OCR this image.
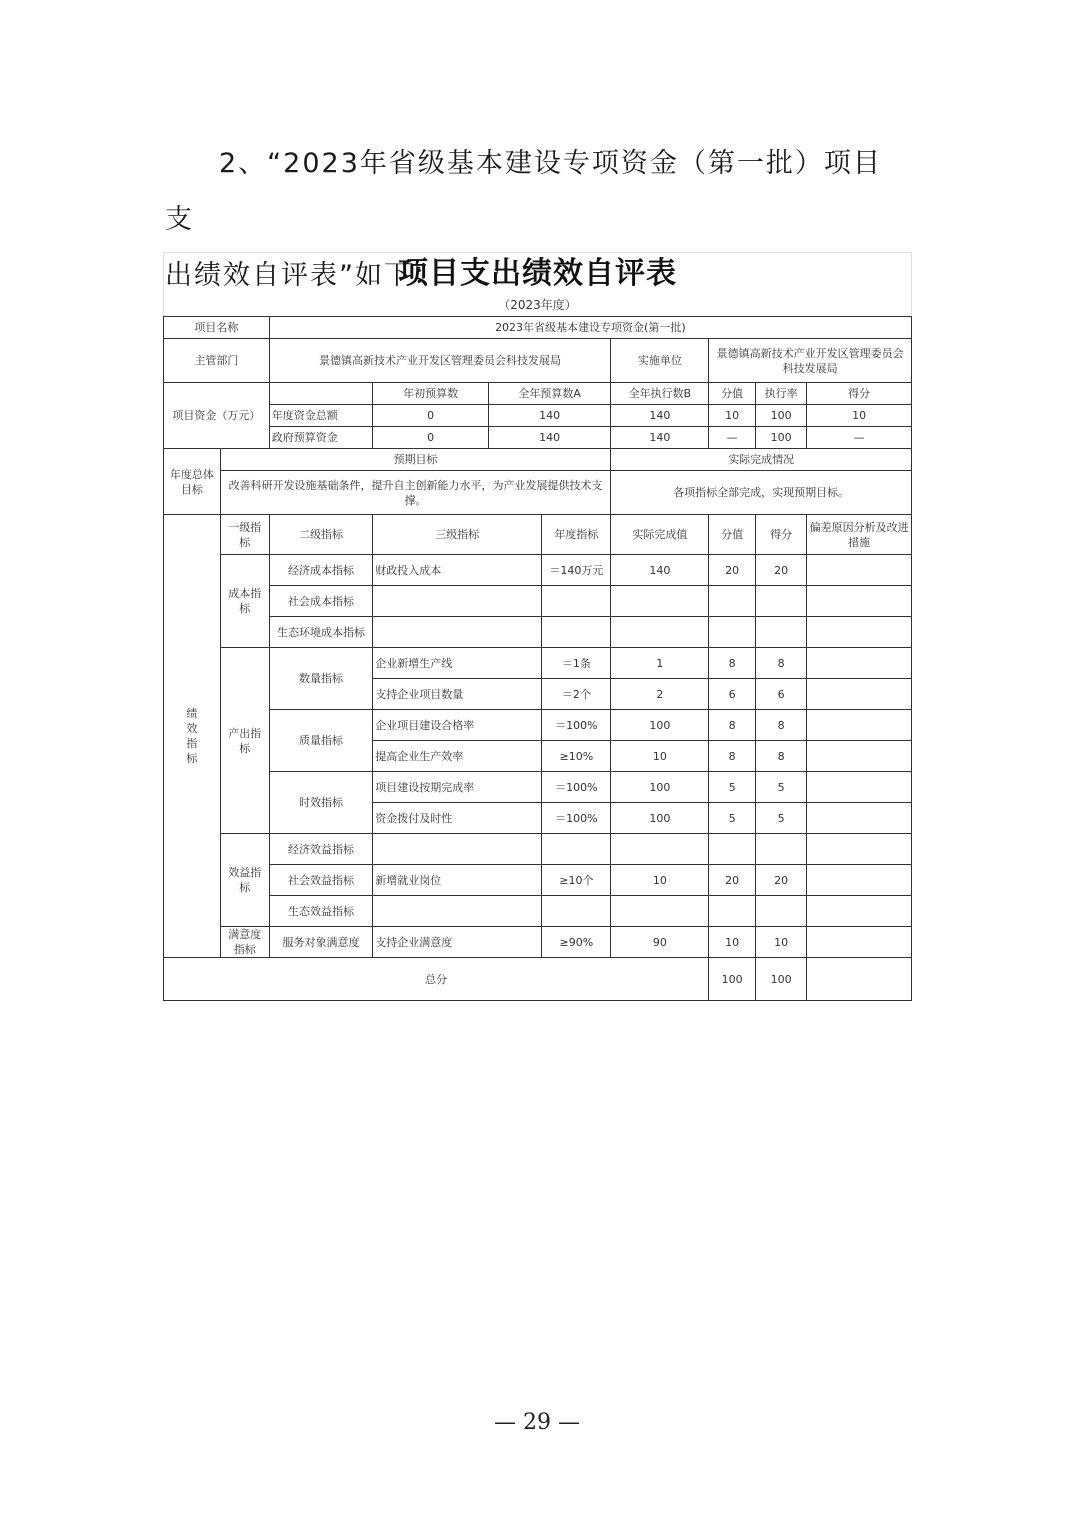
2、“2023年省级基本建设专项资金（第一批）项目支
出绩效自评表”如下：
项目支出绩效自评表									
（2023年度）									
项目名称		2023年省级基本建设专项资金(第一批)							
主管部门		景德镇高新技术产业开发区管理委员会科技发展局				实施单位	景德镇高新技术产业开发区管理委员会科技发展局		
项目资金（万元）			年初预算数	全年预算数A		全年执行数B	分值	执行率	得分
		年度资金总额	0	140		140	10	100	10
		政府预算资金	0	140		140	—	100	—
年度总体目标	预期目标					实际完成情况			
	改善科研开发设施基础条件，提升自主创新能力水平，为产业发展提供技术支撑。					各项指标全部完成，实现预期目标。			

绩效指标	一级指标	二级指标	三级指标		年度指标	实际完成值	分值	得分	偏差原因分析及改进措施
	成本指标	经济成本指标	财政投入成本		＝140万元	140	20	20	
		社会成本指标							
		生态环境成本指标							
	产出指标	数量指标	企业新增生产线		＝1条	1	8	8	
			支持企业项目数量		＝2个	2	6	6	
		质量指标	企业项目建设合格率		＝100%	100	8	8	
			提高企业生产效率		≥10%	10	8	8	
		时效指标	项目建设按期完成率		＝100%	100	5	5	
			资金拨付及时性		＝100%	100	5	5	
	效益指标	经济效益指标							
		社会效益指标	新增就业岗位		≥10个	10	20	20	
		生态效益指标							
	满意度指标	服务对象满意度	支持企业满意度		≥90%	90	10	10	
总分							100	100	
— 29 —
